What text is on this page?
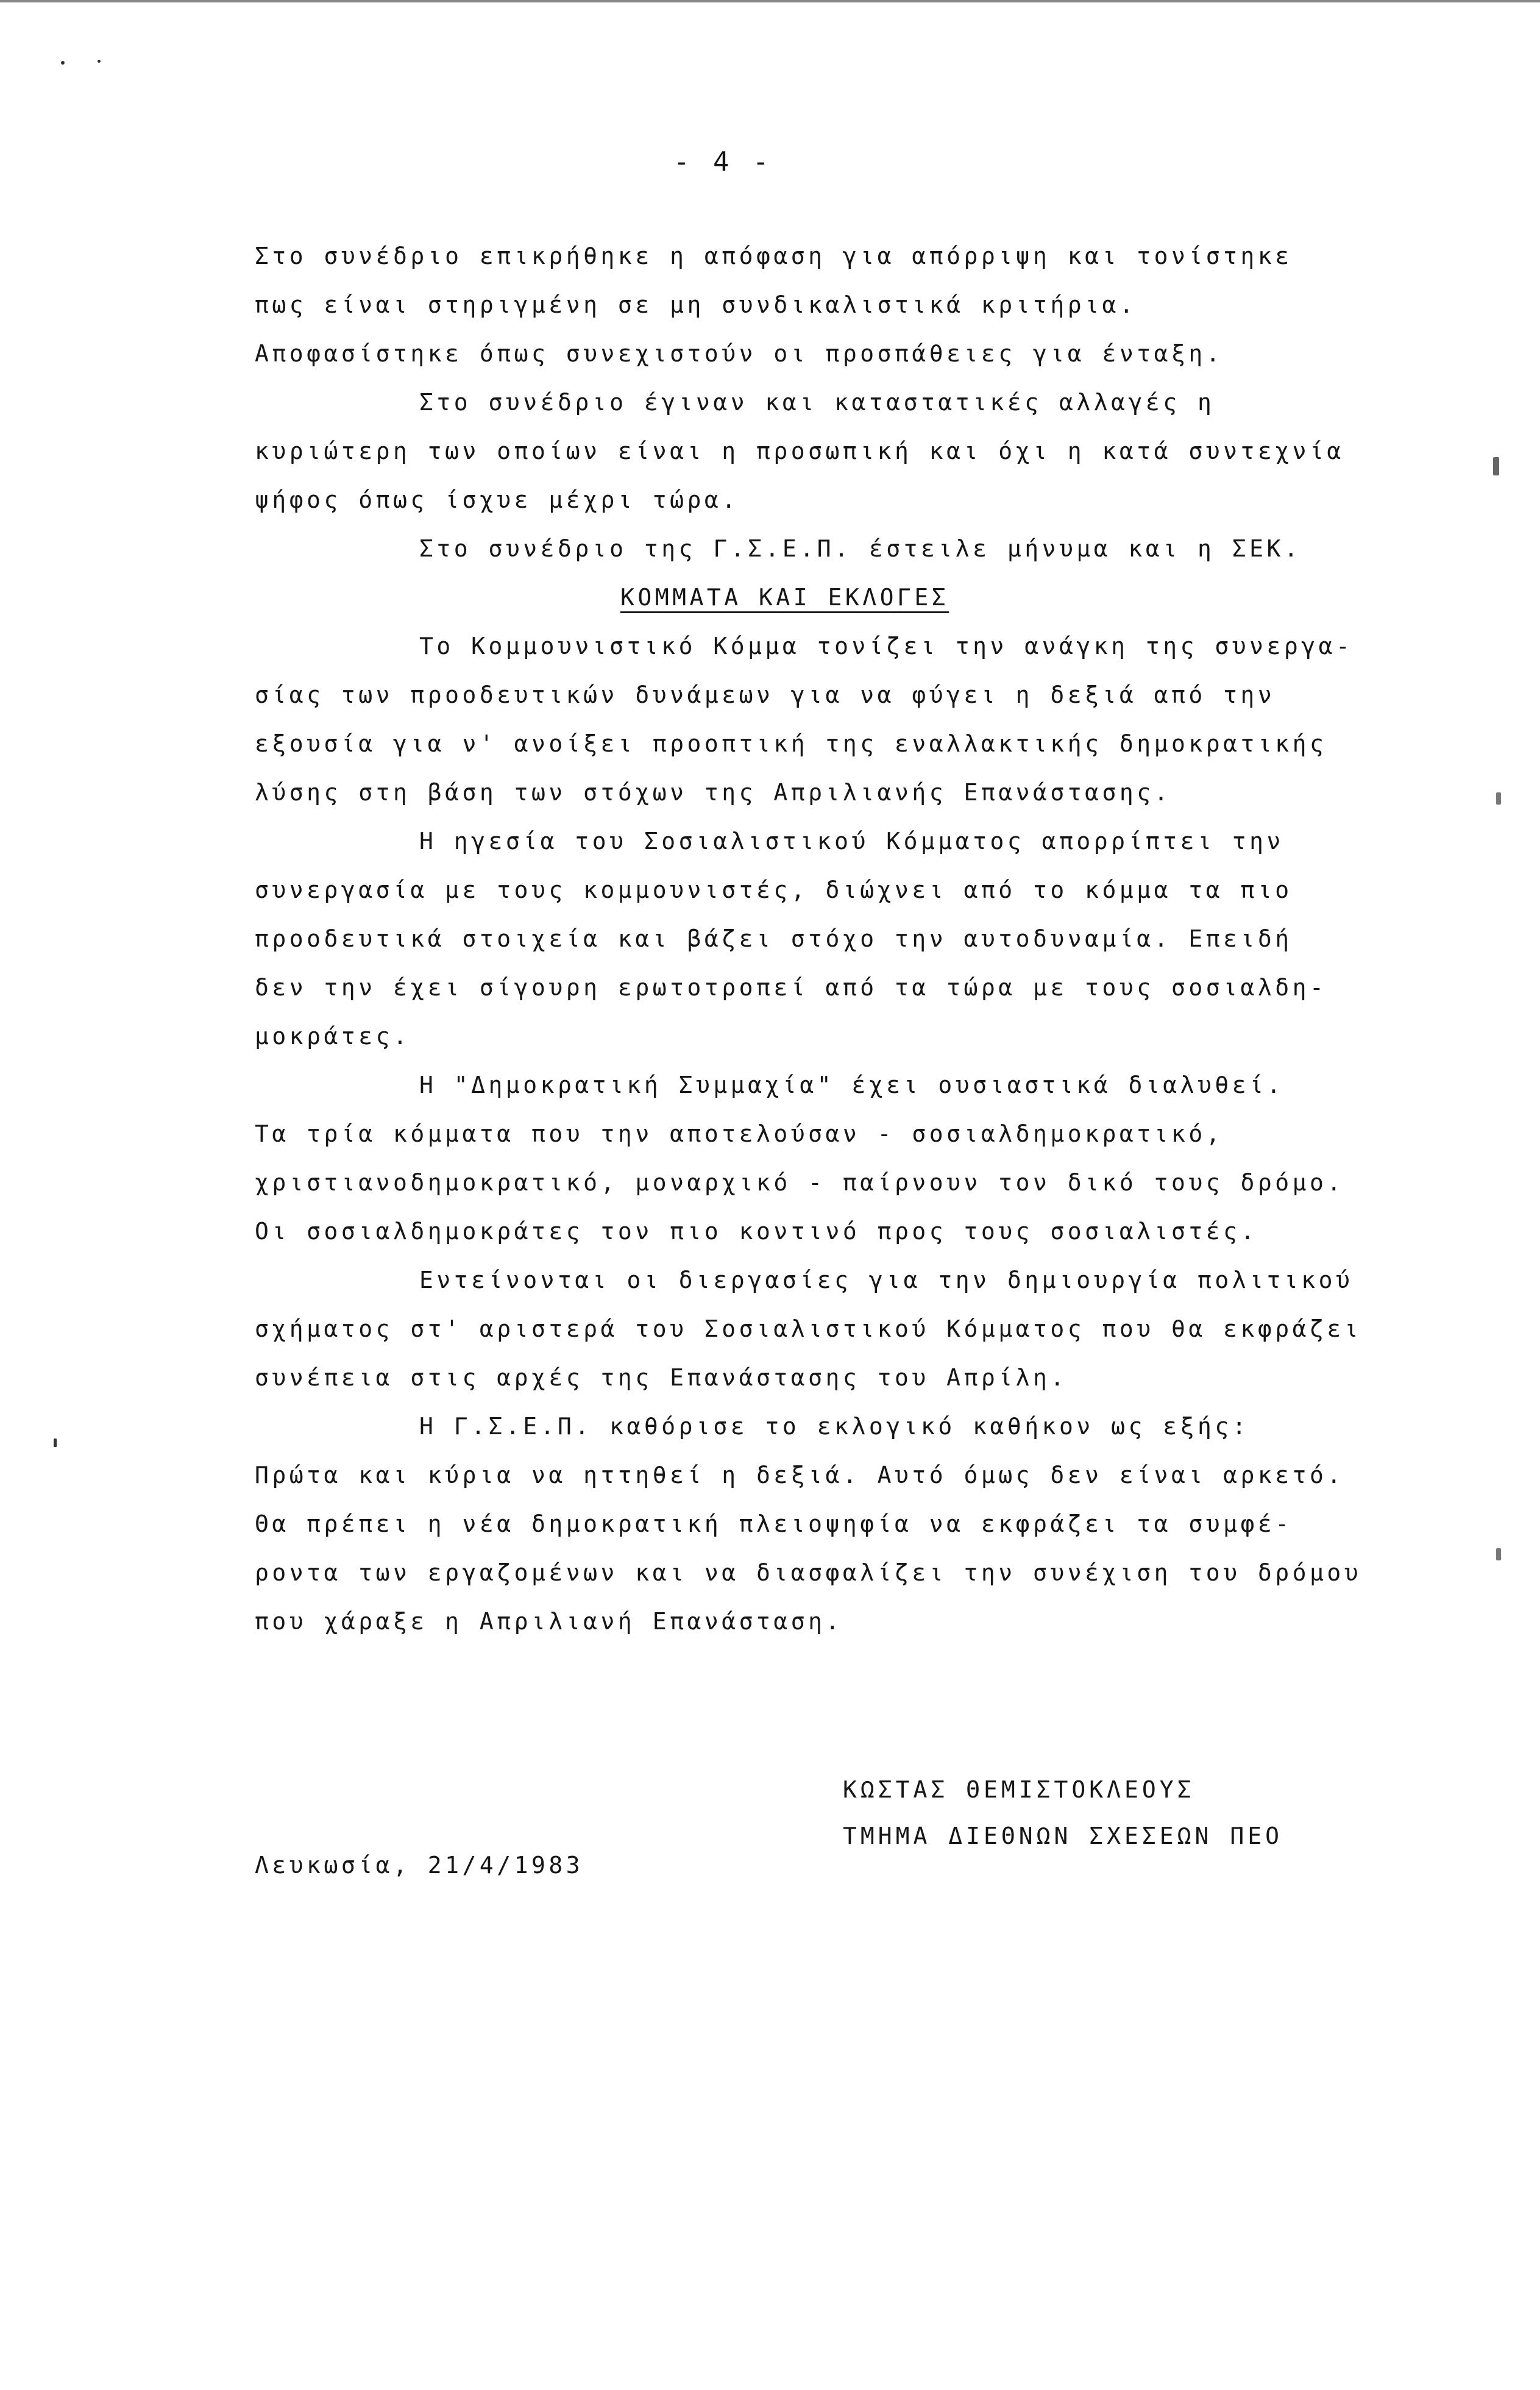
- 4 -
Στο συνέδριο επικρήθηκε η απόφαση για απόρριψη και τονίστηκε
πως είναι στηριγμένη σε μη συνδικαλιστικά κριτήρια.
Αποφασίστηκε όπως συνεχιστούν οι προσπάθειες για ένταξη.
Στο συνέδριο έγιναν και καταστατικές αλλαγές η
κυριώτερη των οποίων είναι η προσωπική και όχι η κατά συντεχνία
ψήφος όπως ίσχυε μέχρι τώρα.
Στο συνέδριο της Γ.Σ.Ε.Π. έστειλε μήνυμα και η ΣΕΚ.
ΚΟΜΜΑΤΑ ΚΑΙ ΕΚΛΟΓΕΣ
Το Κομμουνιστικό Κόμμα τονίζει την ανάγκη της συνεργα-
σίας των προοδευτικών δυνάμεων για να φύγει η δεξιά από την
εξουσία για ν' ανοίξει προοπτική της εναλλακτικής δημοκρατικής
λύσης στη βάση των στόχων της Απριλιανής Επανάστασης.
Η ηγεσία του Σοσιαλιστικού Κόμματος απορρίπτει την
συνεργασία με τους κομμουνιστές, διώχνει από το κόμμα τα πιο
προοδευτικά στοιχεία και βάζει στόχο την αυτοδυναμία. Επειδή
δεν την έχει σίγουρη ερωτοτροπεί από τα τώρα με τους σοσιαλδη-
μοκράτες.
Η "Δημοκρατική Συμμαχία" έχει ουσιαστικά διαλυθεί.
Τα τρία κόμματα που την αποτελούσαν - σοσιαλδημοκρατικό,
χριστιανοδημοκρατικό, μοναρχικό - παίρνουν τον δικό τους δρόμο.
Οι σοσιαλδημοκράτες τον πιο κοντινό προς τους σοσιαλιστές.
Εντείνονται οι διεργασίες για την δημιουργία πολιτικού
σχήματος στ' αριστερά του Σοσιαλιστικού Κόμματος που θα εκφράζει
συνέπεια στις αρχές της Επανάστασης του Απρίλη.
Η Γ.Σ.Ε.Π. καθόρισε το εκλογικό καθήκον ως εξής:
Πρώτα και κύρια να ηττηθεί η δεξιά. Αυτό όμως δεν είναι αρκετό.
Θα πρέπει η νέα δημοκρατική πλειοψηφία να εκφράζει τα συμφέ-
ροντα των εργαζομένων και να διασφαλίζει την συνέχιση του δρόμου
που χάραξε η Απριλιανή Επανάσταση.
ΚΩΣΤΑΣ ΘΕΜΙΣΤΟΚΛΕΟΥΣ
ΤΜΗΜΑ ΔΙΕΘΝΩΝ ΣΧΕΣΕΩΝ ΠΕΟ
Λευκωσία, 21/4/1983
